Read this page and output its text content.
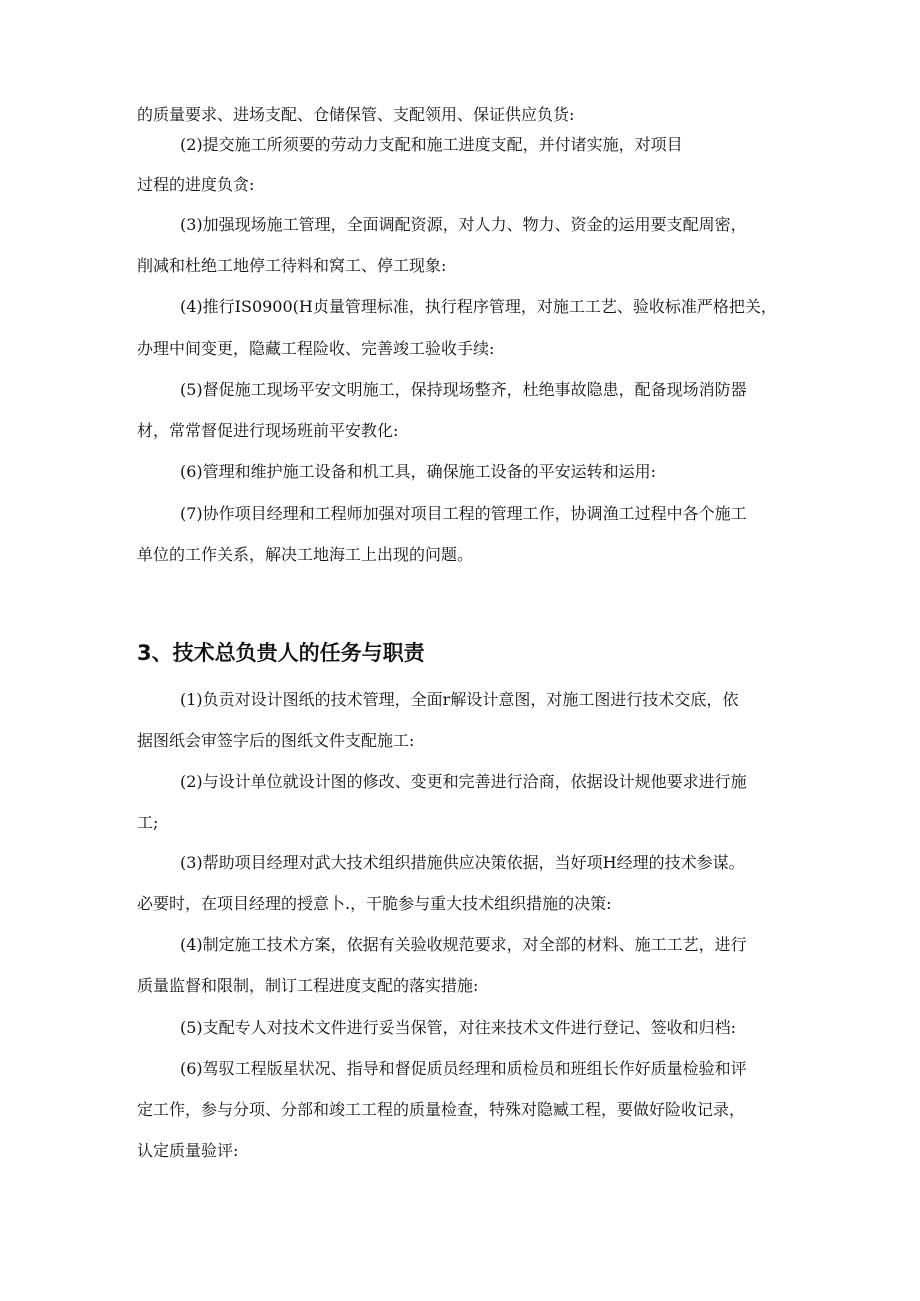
的质量要求、进场支配、仓储保管、支配领用、保证供应负货:
(2)提交施工所须要的劳动力支配和施工进度支配，并付诸实施，对项目
过程的进度负贪:
(3)加强现场施工管理，全面调配资源，对人力、物力、资金的运用要支配周密，
削减和杜绝工地停工待料和窝工、停工现象:
(4)推行IS0900(H贞量管理标准，执行程序管理，对施工工艺、验收标准严格把关，
办理中间变更，隐藏工程险收、完善竣工验收手续:
(5)督促施工现场平安文明施工，保持现场整齐，杜绝事故隐患，配备现场消防器
材，常常督促进行现场班前平安教化:
(6)管理和维护施工设备和机工具，确保施工设备的平安运转和运用:
(7)协作项目经理和工程师加强对项目工程的管理工作，协调渔工过程中各个施工
单位的工作关系，解决工地海工上出现的问题。
3、技术总负贵人的任务与职责
(1)负贡对设计图纸的技术管理，全面r解设计意图，对施工图进行技术交底，依
据图纸会审签字后的图纸文件支配施工:
(2)与设计单位就设计图的修改、变更和完善进行洽商，依据设计规他要求进行施
工;
(3)帮助项目经理对武大技术组织措施供应决策依据，当好项H经理的技术参谋。
必要时，在项目经理的授意卜.，干脆参与重大技术组织措施的决策:
(4)制定施工技术方案，依据有关验收规范要求，对全部的材料、施工工艺，进行
质量监督和限制，制订工程进度支配的落实措施:
(5)支配专人对技术文件进行妥当保管，对往来技术文件进行登记、签收和归档:
(6)驾驭工程版星状况、指导和督促质员经理和质检员和班组长作好质量检验和评
定工作，参与分项、分部和竣工工程的质量检查，特殊对隐臧工程，要做好险收记录，
认定质量验评:
